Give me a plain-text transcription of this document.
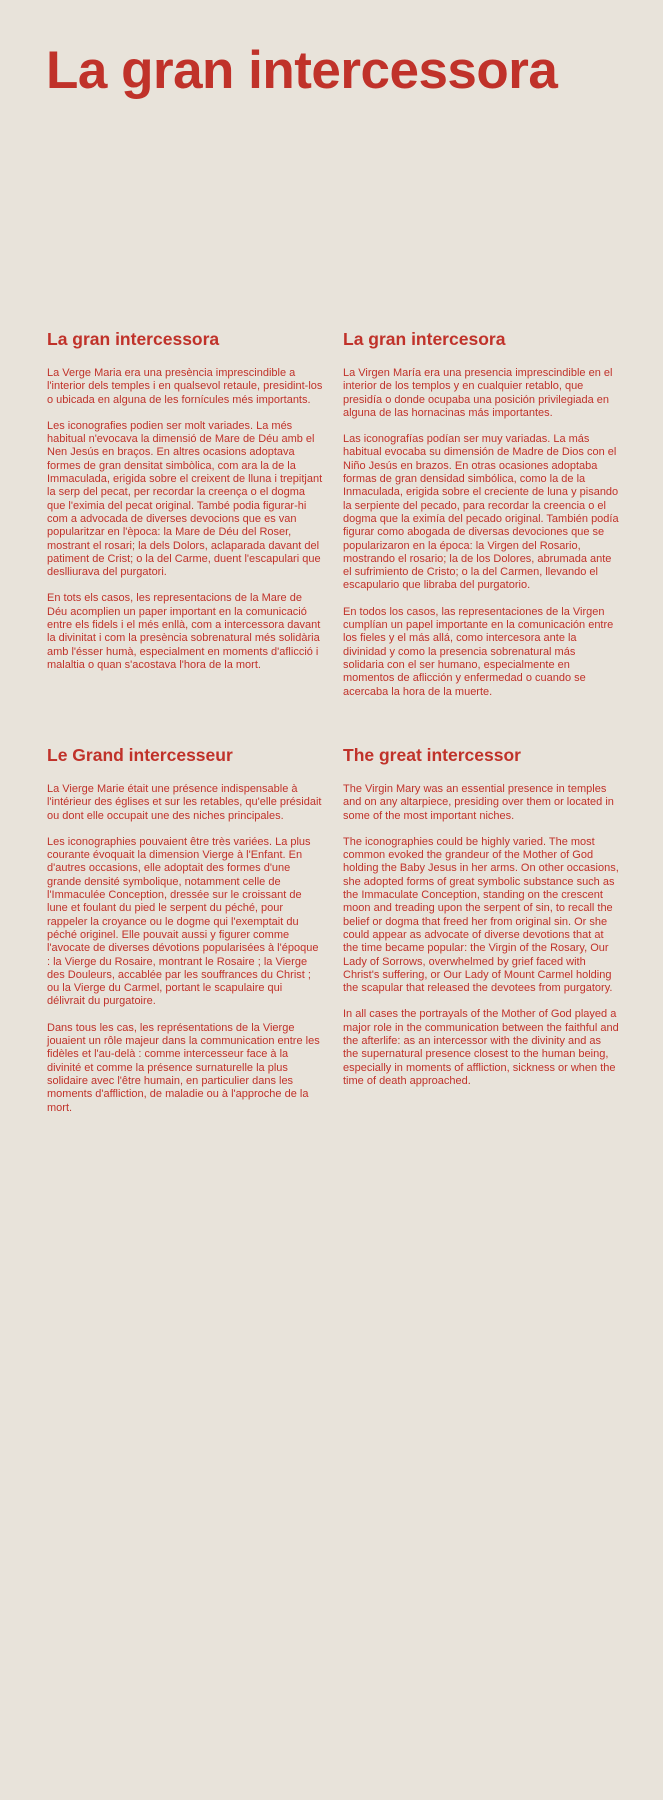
La gran intercessora
La gran intercessora

La Verge Maria era una presència imprescindible a l'interior dels temples i en qualsevol retaule, presidint-los o ubicada en alguna de les fornícules més importants.

Les iconografies podien ser molt variades. La més habitual n'evocava la dimensió de Mare de Déu amb el Nen Jesús en braços. En altres ocasions adoptava formes de gran densitat simbòlica, com ara la de la Immaculada, erigida sobre el creixent de lluna i trepitjant la serp del pecat, per recordar la creença o el dogma que l'eximia del pecat original. També podia figurar-hi com a advocada de diverses devocions que es van popularitzar en l'època: la Mare de Déu del Roser, mostrant el rosari; la dels Dolors, aclaparada davant del patiment de Crist; o la del Carme, duent l'escapulari que deslliurava del purgatori.

En tots els casos, les representacions de la Mare de Déu acomplien un paper important en la comunicació entre els fidels i el més enllà, com a intercessora davant la divinitat i com la presència sobrenatural més solidària amb l'ésser humà, especialment en moments d'aflicció i malaltia o quan s'acostava l'hora de la mort.

La gran intercesora

La Virgen María era una presencia imprescindible en el interior de los templos y en cualquier retablo, que presidía o donde ocupaba una posición privilegiada en alguna de las hornacinas más importantes.

Las iconografías podían ser muy variadas. La más habitual evocaba su dimensión de Madre de Dios con el Niño Jesús en brazos. En otras ocasiones adoptaba formas de gran densidad simbólica, como la de la Inmaculada, erigida sobre el creciente de luna y pisando la serpiente del pecado, para recordar la creencia o el dogma que la eximía del pecado original. También podía figurar como abogada de diversas devociones que se popularizaron en la época: la Virgen del Rosario, mostrando el rosario; la de los Dolores, abrumada ante el sufrimiento de Cristo; o la del Carmen, llevando el escapulario que libraba del purgatorio.

En todos los casos, las representaciones de la Virgen cumplían un papel importante en la comunicación entre los fieles y el más allá, como intercesora ante la divinidad y como la presencia sobrenatural más solidaria con el ser humano, especialmente en momentos de aflicción y enfermedad o cuando se acercaba la hora de la muerte.

Le Grand intercesseur

La Vierge Marie était une présence indispensable à l'intérieur des églises et sur les retables, qu'elle présidait ou dont elle occupait une des niches principales.

Les iconographies pouvaient être très variées. La plus courante évoquait la dimension Vierge à l'Enfant. En d'autres occasions, elle adoptait des formes d'une grande densité symbolique, notamment celle de l'Immaculée Conception, dressée sur le croissant de lune et foulant du pied le serpent du péché, pour rappeler la croyance ou le dogme qui l'exemptait du péché originel. Elle pouvait aussi y figurer comme l'avocate de diverses dévotions popularisées à l'époque : la Vierge du Rosaire, montrant le Rosaire ; la Vierge des Douleurs, accablée par les souffrances du Christ ; ou la Vierge du Carmel, portant le scapulaire qui délivrait du purgatoire.

Dans tous les cas, les représentations de la Vierge jouaient un rôle majeur dans la communication entre les fidèles et l'au-delà : comme intercesseur face à la divinité et comme la présence surnaturelle la plus solidaire avec l'être humain, en particulier dans les moments d'affliction, de maladie ou à l'approche de la mort.

The great intercessor

The Virgin Mary was an essential presence in temples and on any altarpiece, presiding over them or located in some of the most important niches.

The iconographies could be highly varied. The most common evoked the grandeur of the Mother of God holding the Baby Jesus in her arms. On other occasions, she adopted forms of great symbolic substance such as the Immaculate Conception, standing on the crescent moon and treading upon the serpent of sin, to recall the belief or dogma that freed her from original sin. Or she could appear as advocate of diverse devotions that at the time became popular: the Virgin of the Rosary, Our Lady of Sorrows, overwhelmed by grief faced with Christ's suffering, or Our Lady of Mount Carmel holding the scapular that released the devotees from purgatory.

In all cases the portrayals of the Mother of God played a major role in the communication between the faithful and the afterlife: as an intercessor with the divinity and as the supernatural presence closest to the human being, especially in moments of affliction, sickness or when the time of death approached.
